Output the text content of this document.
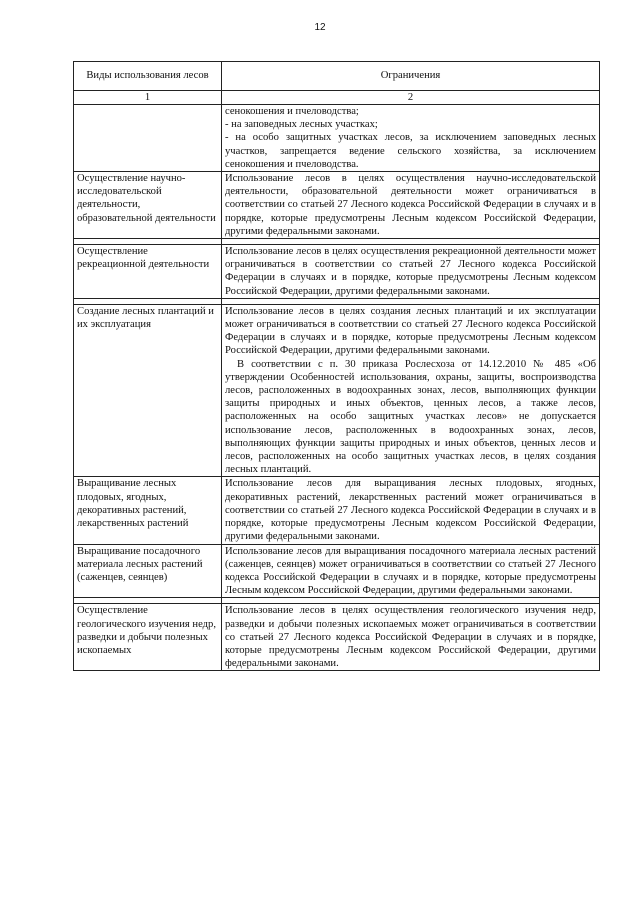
12
Виды использования лесов	Ограничения
1	2

	сенокошения и пчеловодства;

- на заповедных лесных участках;

- на особо защитных участках лесов, за исключением заповедных лесных участков, запрещается ведение сельского хозяйства, за исключением сенокошения и пчеловодства.

Осуществление научно-исследовательской деятельности, образовательной деятельности	Использование лесов в целях осуществления научно-исследовательской деятельности, образовательной деятельности может ограничиваться в соответствии со статьей 27 Лесного кодекса Российской Федерации в случаях и в порядке, которые предусмотрены Лесным кодексом Российской Федерации, другими федеральными законами.

Осуществление рекреационной деятельности	Использование лесов в целях осуществления рекреационной деятельности может ограничиваться в соответствии со статьей 27 Лесного кодекса Российской Федерации в случаях и в порядке, которые предусмотрены Лесным кодексом Российской Федерации, другими федеральными законами.

Создание лесных плантаций и их эксплуатация	Использование лесов в целях создания лесных плантаций и их эксплуатации может ограничиваться в соответствии со статьей 27 Лесного кодекса Российской Федерации в случаях и в порядке, которые предусмотрены Лесным кодексом Российской Федерации, другими федеральными законами.

В соответствии с п. 30 приказа Рослесхоза от 14.12.2010 № 485 «Об утверждении Особенностей использования, охраны, защиты, воспроизводства лесов, расположенных в водоохранных зонах, лесов, выполняющих функции защиты природных и иных объектов, ценных лесов, а также лесов, расположенных на особо защитных участках лесов» не допускается использование лесов, расположенных в водоохранных зонах, лесов, выполняющих функции защиты природных и иных объектов, ценных лесов и лесов, расположенных на особо защитных участках лесов, в целях создания лесных плантаций.

Выращивание лесных плодовых, ягодных, декоративных растений, лекарственных растений	Использование лесов для выращивания лесных плодовых, ягодных, декоративных растений, лекарственных растений может ограничиваться в соответствии со статьей 27 Лесного кодекса Российской Федерации в случаях и в порядке, которые предусмотрены Лесным кодексом Российской Федерации, другими федеральными законами.

Выращивание посадочного материала лесных растений (саженцев, сеянцев)	Использование лесов для выращивания посадочного материала лесных растений (саженцев, сеянцев) может ограничиваться в соответствии со статьей 27 Лесного кодекса Российской Федерации в случаях и в порядке, которые предусмотрены Лесным кодексом Российской Федерации, другими федеральными законами.

Осуществление геологического изучения недр, разведки и добычи полезных ископаемых	Использование лесов в целях осуществления геологического изучения недр, разведки и добычи полезных ископаемых может ограничиваться в соответствии со статьей 27 Лесного кодекса Российской Федерации в случаях и в порядке, которые предусмотрены Лесным кодексом Российской Федерации, другими федеральными законами.
